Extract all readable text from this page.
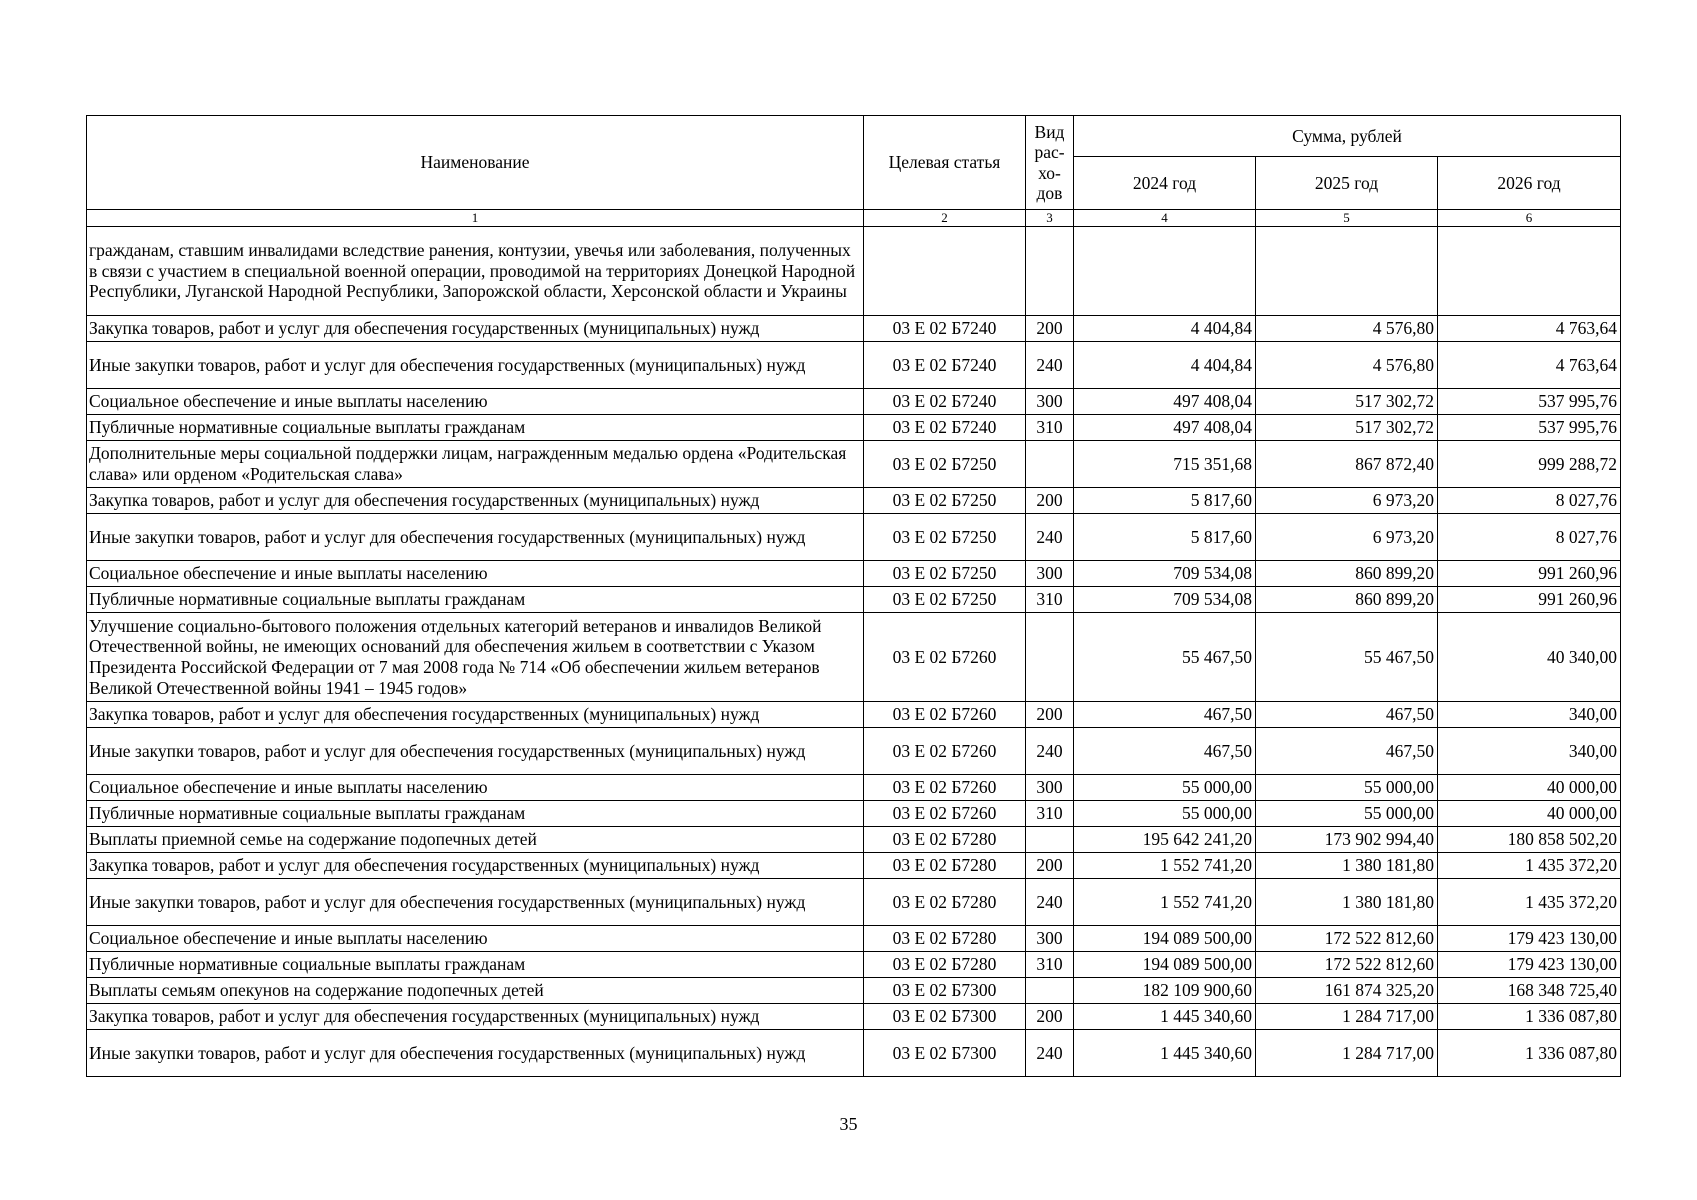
Наименование	Целевая статья	Вид рас-хо-дов	Сумма, рублей		
			2024 год	2025 год	2026 год
1	2	3	4	5	6
гражданам, ставшим инвалидами вследствие ранения, контузии, увечья или заболевания, полученных в связи с участием в специальной военной операции, проводимой на территориях Донецкой Народной Республики, Луганской Народной Республики, Запорожской области, Херсонской области и Украины					
Закупка товаров, работ и услуг для обеспечения государственных (муниципальных) нужд	03 Е 02 Б7240	200	4 404,84	4 576,80	4 763,64
Иные закупки товаров, работ и услуг для обеспечения государственных (муниципальных) нужд	03 Е 02 Б7240	240	4 404,84	4 576,80	4 763,64
Социальное обеспечение и иные выплаты населению	03 Е 02 Б7240	300	497 408,04	517 302,72	537 995,76
Публичные нормативные социальные выплаты гражданам	03 Е 02 Б7240	310	497 408,04	517 302,72	537 995,76
Дополнительные меры социальной поддержки лицам, награжденным медалью ордена «Родительская слава» или орденом «Родительская слава»	03 Е 02 Б7250		715 351,68	867 872,40	999 288,72
Закупка товаров, работ и услуг для обеспечения государственных (муниципальных) нужд	03 Е 02 Б7250	200	5 817,60	6 973,20	8 027,76
Иные закупки товаров, работ и услуг для обеспечения государственных (муниципальных) нужд	03 Е 02 Б7250	240	5 817,60	6 973,20	8 027,76
Социальное обеспечение и иные выплаты населению	03 Е 02 Б7250	300	709 534,08	860 899,20	991 260,96
Публичные нормативные социальные выплаты гражданам	03 Е 02 Б7250	310	709 534,08	860 899,20	991 260,96
Улучшение социально-бытового положения отдельных категорий ветеранов и инвалидов Великой Отечественной войны, не имеющих оснований для обеспечения жильем в соответствии с Указом Президента Российской Федерации от 7 мая 2008 года № 714 «Об обеспечении жильем ветеранов Великой Отечественной войны 1941 – 1945 годов»	03 Е 02 Б7260		55 467,50	55 467,50	40 340,00
Закупка товаров, работ и услуг для обеспечения государственных (муниципальных) нужд	03 Е 02 Б7260	200	467,50	467,50	340,00
Иные закупки товаров, работ и услуг для обеспечения государственных (муниципальных) нужд	03 Е 02 Б7260	240	467,50	467,50	340,00
Социальное обеспечение и иные выплаты населению	03 Е 02 Б7260	300	55 000,00	55 000,00	40 000,00
Публичные нормативные социальные выплаты гражданам	03 Е 02 Б7260	310	55 000,00	55 000,00	40 000,00
Выплаты приемной семье на содержание подопечных детей	03 Е 02 Б7280		195 642 241,20	173 902 994,40	180 858 502,20
Закупка товаров, работ и услуг для обеспечения государственных (муниципальных) нужд	03 Е 02 Б7280	200	1 552 741,20	1 380 181,80	1 435 372,20
Иные закупки товаров, работ и услуг для обеспечения государственных (муниципальных) нужд	03 Е 02 Б7280	240	1 552 741,20	1 380 181,80	1 435 372,20
Социальное обеспечение и иные выплаты населению	03 Е 02 Б7280	300	194 089 500,00	172 522 812,60	179 423 130,00
Публичные нормативные социальные выплаты гражданам	03 Е 02 Б7280	310	194 089 500,00	172 522 812,60	179 423 130,00
Выплаты семьям опекунов на содержание подопечных детей	03 Е 02 Б7300		182 109 900,60	161 874 325,20	168 348 725,40
Закупка товаров, работ и услуг для обеспечения государственных (муниципальных) нужд	03 Е 02 Б7300	200	1 445 340,60	1 284 717,00	1 336 087,80
Иные закупки товаров, работ и услуг для обеспечения государственных (муниципальных) нужд	03 Е 02 Б7300	240	1 445 340,60	1 284 717,00	1 336 087,80
35
